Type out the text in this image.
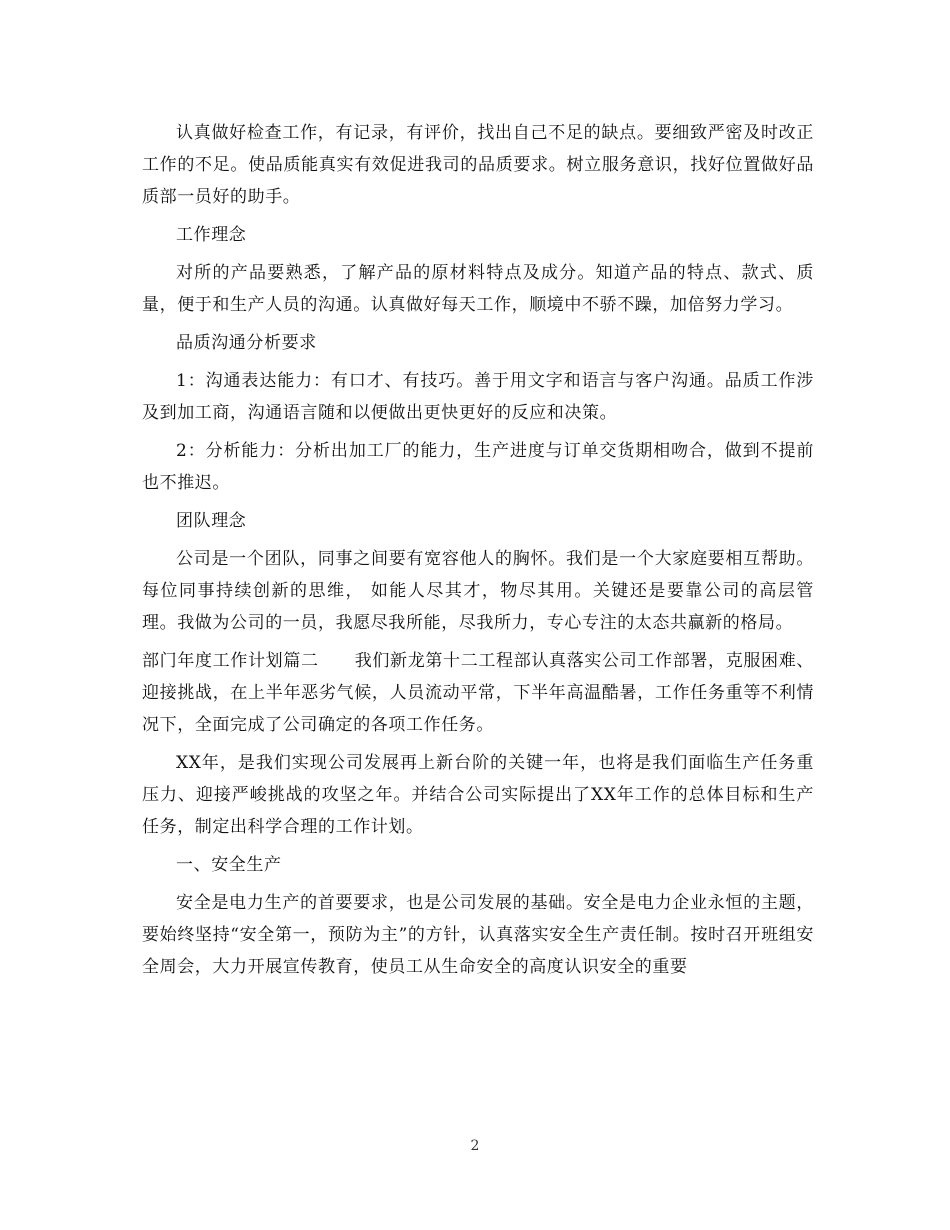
认真做好检查工作，有记录，有评价，找出自己不足的缺点。要细致严密及时改正工作的不足。使品质能真实有效促进我司的品质要求。树立服务意识，找好位置做好品质部一员好的助手。

工作理念

对所的产品要熟悉，了解产品的原材料特点及成分。知道产品的特点、款式、质量，便于和生产人员的沟通。认真做好每天工作，顺境中不骄不躁，加倍努力学习。

品质沟通分析要求

1：沟通表达能力：有口才、有技巧。善于用文字和语言与客户沟通。品质工作涉及到加工商，沟通语言随和以便做出更快更好的反应和决策。

2：分析能力：分析出加工厂的能力，生产进度与订单交货期相吻合，做到不提前也不推迟。

团队理念

公司是一个团队，同事之间要有宽容他人的胸怀。我们是一个大家庭要相互帮助。每位同事持续创新的思维， 如能人尽其才，物尽其用。关键还是要靠公司的高层管理。我做为公司的一员，我愿尽我所能，尽我所力，专心专注的太态共赢新的格局。

部门年度工作计划篇二 我们新龙第十二工程部认真落实公司工作部署，克服困难、迎接挑战，在上半年恶劣气候，人员流动平常，下半年高温酷暑，工作任务重等不利情况下，全面完成了公司确定的各项工作任务。

XX年，是我们实现公司发展再上新台阶的关键一年，也将是我们面临生产任务重压力、迎接严峻挑战的攻坚之年。并结合公司实际提出了XX年工作的总体目标和生产任务，制定出科学合理的工作计划。

一、安全生产

安全是电力生产的首要要求，也是公司发展的基础。安全是电力企业永恒的主题，要始终坚持“安全第一，预防为主”的方针，认真落实安全生产责任制。按时召开班组安全周会，大力开展宣传教育，使员工从生命安全的高度认识安全的重要

2
